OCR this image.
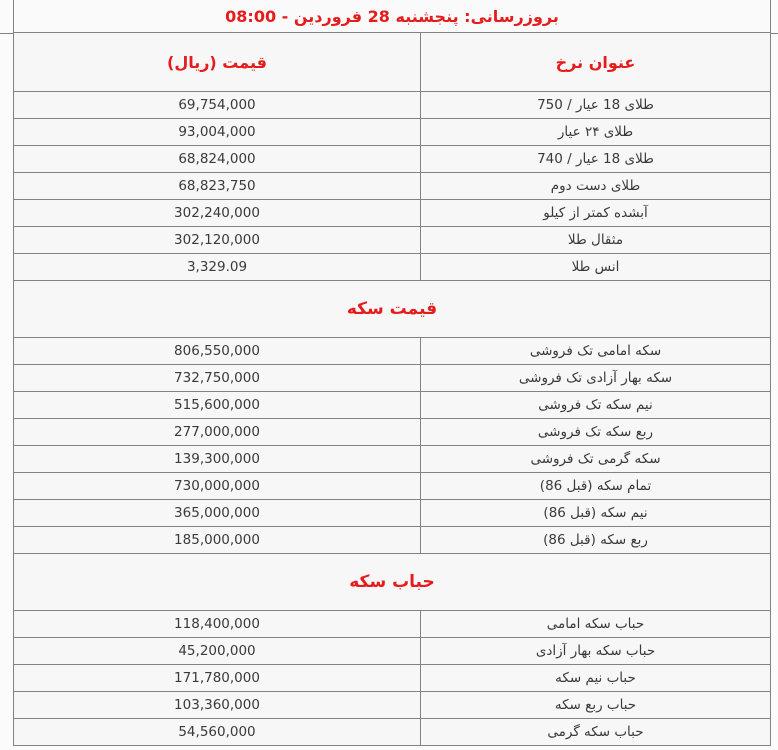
بروزرسانی: پنجشنبه 28 فروردین - 08:00	
عنوان نرخ	قیمت (ریال)
طلای 18 عیار / 750	69,754,000
طلای ۲۴ عیار	93,004,000
طلای 18 عیار / 740	68,824,000
طلای دست دوم	68,823,750
آبشده کمتر از کیلو	302,240,000
مثقال طلا	302,120,000
انس طلا	3,329.09
قیمت سکه	
سکه امامی تک فروشی	806,550,000
سکه بهار آزادی تک فروشی	732,750,000
نیم سکه تک فروشی	515,600,000
ربع سکه تک فروشی	277,000,000
سکه گرمی تک فروشی	139,300,000
تمام سکه (قبل 86)	730,000,000
نیم سکه (قبل 86)	365,000,000
ربع سکه (قبل 86)	185,000,000
حباب سکه	
حباب سکه امامی	118,400,000
حباب سکه بهار آزادی	45,200,000
حباب نیم سکه	171,780,000
حباب ربع سکه	103,360,000
حباب سکه گرمی	54,560,000
